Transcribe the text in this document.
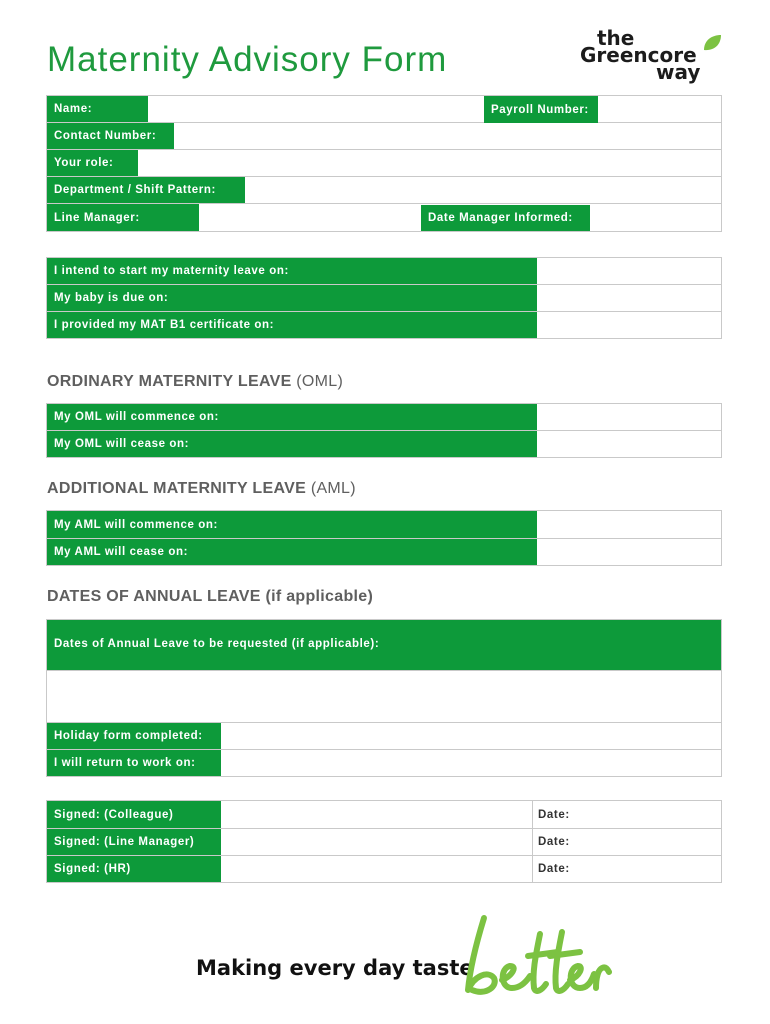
Maternity Advisory Form
the
Greencore
way
Name:	Payroll Number:
Contact Number:
Your role:
Department / Shift Pattern:
Line Manager:	Date Manager Informed:
I intend to start my maternity leave on:
My baby is due on:
I provided my MAT B1 certificate on:
ORDINARY MATERNITY LEAVE (OML)
My OML will commence on:
My OML will cease on:
ADDITIONAL MATERNITY LEAVE (AML)
My AML will commence on:
My AML will cease on:
DATES OF ANNUAL LEAVE (if applicable)
Dates of Annual Leave to be requested (if applicable):
Holiday form completed:
I will return to work on:
Signed: (Colleague)	Date:
Signed: (Line Manager)	Date:
Signed: (HR)	Date:
Making every day taste
